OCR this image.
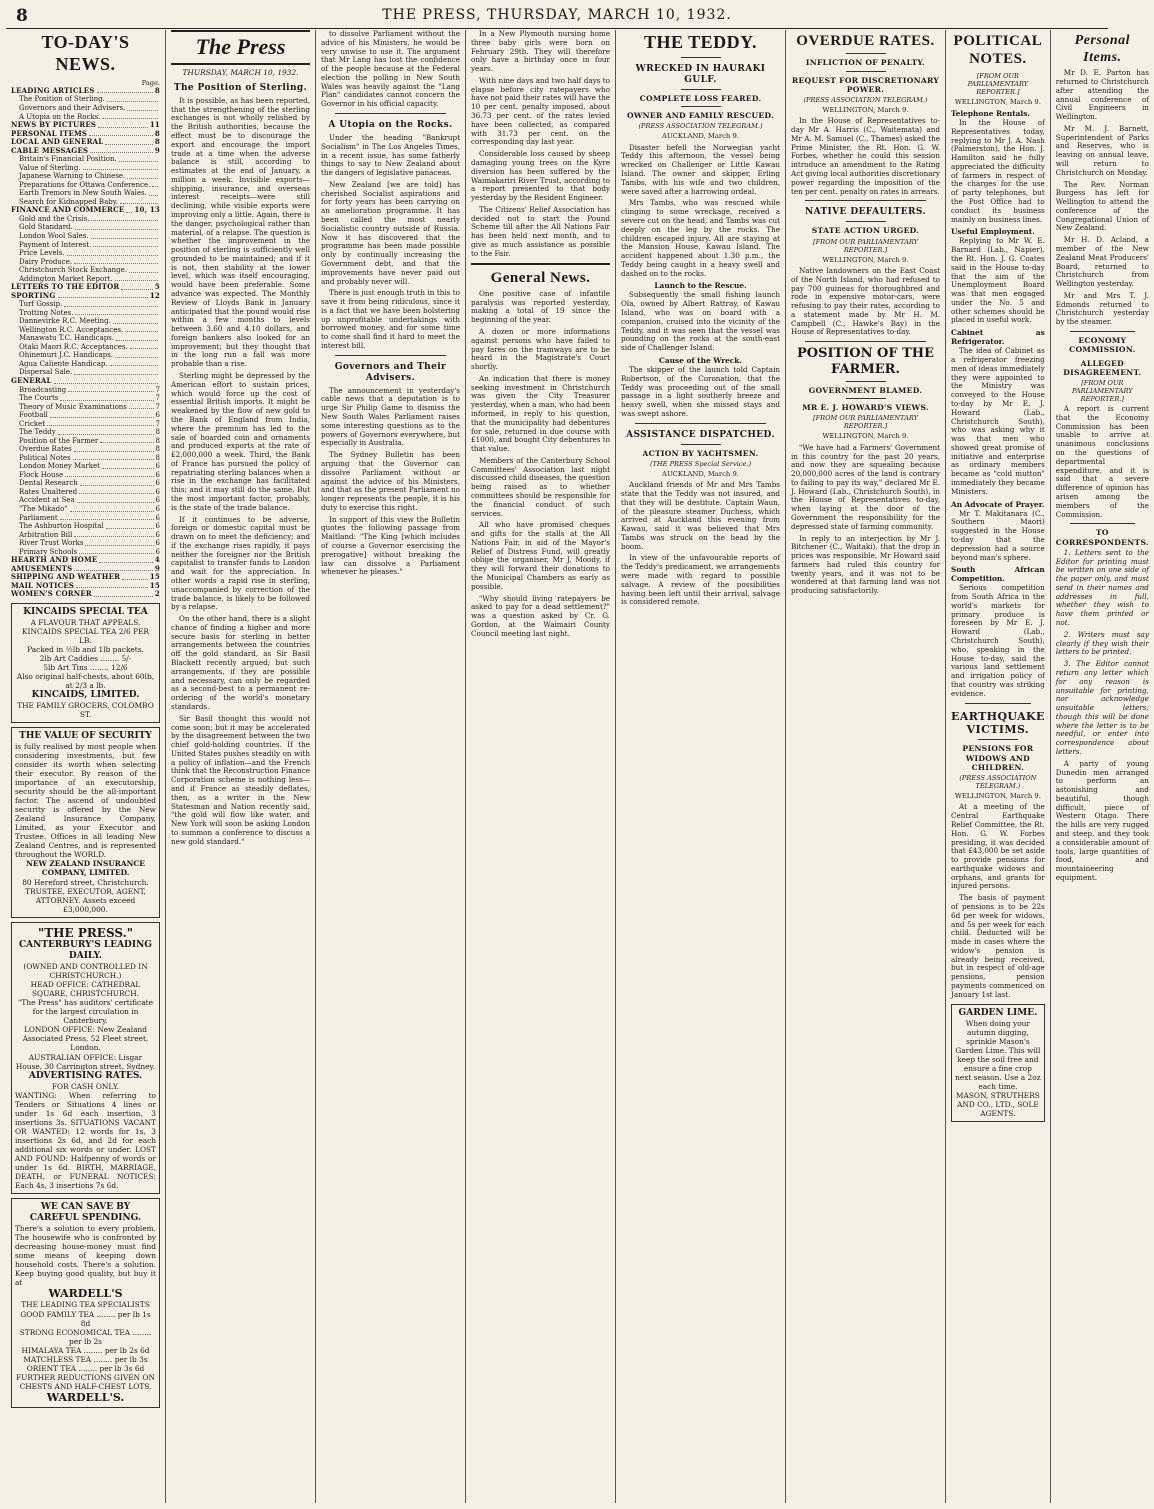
8	THE PRESS, THURSDAY, MARCH 10, 1932.
TO-DAY'S NEWS.
Page.
LEADING ARTICLES	8
The Position of Sterling.
Governors and their Advisers.
A Utopia on the Rocks.
NEWS BY PICTURES	11
PERSONAL ITEMS	8
LOCAL AND GENERAL	8
CABLE MESSAGES	9
Britain's Financial Position.
Value of Sterling.
Japanese Warning to Chinese.
Preparations for Ottawa Conference.
Earth Tremors in New South Wales.
Search for Kidnapped Baby.
FINANCE AND COMMERCE 10, 13
Gold and the Crisis.
Gold Standard.
London Wool Sales.
Payment of Interest.
Price Levels.
Dairy Produce.
Christchurch Stock Exchange.
Addington Market Report.
LETTERS TO THE EDITOR	5
SPORTING	12
Turf Gossip.
Trotting Notes.
Dannevirke R.C. Meeting.
Wellington R.C. Acceptances.
Manawatu T.C. Handicaps.
Otaki Maori R.C. Acceptances.
Ohinemuri J.C. Handicaps.
Agua Caliente Handicap.
Dispersal Sale.
GENERAL
Broadcasting	7
The Courts	7
Theory of Music Examinations	7
Football	6
Cricket	7
The Teddy	8
Position of the Farmer	8
Overdue Rates	8
Political Notes	8
London Money Market	6
Flock House	6
Dental Research	6
Rates Unaltered	6
Accident at Sea	6
"The Mikado"	6
Parliament	6
The Ashburton Hospital	6
Arbitration Bill	6
River Trust Works	6
Primary Schools	6
HEARTH AND HOME	4
AMUSEMENTS	9
SHIPPING AND WEATHER	15
MAIL NOTICES	15
WOMEN'S CORNER	2
KINCAIDS SPECIAL TEA
A FLAVOUR THAT APPEALS.
KINCAIDS SPECIAL TEA 2/6 PER LB.
Packed in ½lb and 1lb packets.
2lb Art Caddies ........ 5/-
5lb Art Tins ........ 12/6
Also original half-chests, about 60lb, at 2/3 a lb.
KINCAIDS, LIMITED.
THE FAMILY GROCERS, COLOMBO ST.
THE VALUE OF SECURITY
is fully realised by most people when considering investments, but few consider its worth when selecting their executor. By reason of the importance of an executorship, security should be the all-important factor. The ascend of undoubted security is offered by the New Zealand Insurance Company, Limited, as your Executor and Trustee. Offices in all leading New Zealand Centres, and is represented throughout the WORLD.
NEW ZEALAND INSURANCE COMPANY, LIMITED.
80 Hereford street, Christchurch.
TRUSTEE, EXECUTOR, AGENT, ATTORNEY. Assets exceed £3,000,000.
"THE PRESS."
CANTERBURY'S LEADING DAILY.
(OWNED AND CONTROLLED IN CHRISTCHURCH.)
HEAD OFFICE: CATHEDRAL SQUARE, CHRISTCHURCH.
"The Press" has auditors' certificate for the largest circulation in Canterbury.
LONDON OFFICE: New Zealand Associated Press, 52 Fleet street, London.
AUSTRALIAN OFFICE: Lisgar House, 30 Carrington street, Sydney.
ADVERTISING RATES.
FOR CASH ONLY.
WANTING: When referring to Tenders or Situations 4 lines or under 1s 6d each insertion, 3 insertions 3s. SITUATIONS VACANT OR WANTED: 12 words for 1s, 3 insertions 2s 6d, and 2d for each additional six words or under. LOST AND FOUND: Halfpenny of words or under 1s 6d. BIRTH, MARRIAGE, DEATH, or FUNERAL NOTICES: Each 4s, 3 insertions 7s 6d.
WE CAN SAVE BY CAREFUL SPENDING.
There's a solution to every problem. The housewife who is confronted by decreasing house-money must find some means of keeping down household costs. There's a solution. Keep buying good quality, but buy it at
WARDELL'S
THE LEADING TEA SPECIALISTS
GOOD FAMILY TEA ........ per lb 1s 8d
STRONG ECONOMICAL TEA ........ per lb 2s
HIMALAYA TEA ........ per lb 2s 6d
MATCHLESS TEA ........ per lb 3s
ORIENT TEA ........ per lb 3s 6d
FURTHER REDUCTIONS GIVEN ON CHESTS AND HALF-CHEST LOTS.
WARDELL'S.
The Press
THURSDAY, MARCH 10, 1932.
The Position of Sterling.

It is possible, as has been reported, that the strengthening of the sterling exchanges is not wholly relished by the British authorities, because the effect must be to discourage the export and encourage the import trade at a time when the adverse balance is still, according to estimates at the end of January, a million a week. Invisible exports—shipping, insurance, and overseas interest receipts—were still declining, while visible exports were improving only a little. Again, there is the danger, psychological rather than material, of a relapse. The question is whether the improvement in the position of sterling is sufficiently well grounded to be maintained; and if it is not, then stability at the lower level, which was itself encouraging, would have been preferable. Some advance was expected. The Monthly Review of Lloyds Bank in January anticipated that the pound would rise within a few months to levels between 3.60 and 4.10 dollars, and foreign bankers also looked for an improvement; but they thought that in the long run a fall was more probable than a rise.

Sterling might be depressed by the American effort to sustain prices, which would force up the cost of essential British imports. It might be weakened by the flow of new gold to the Bank of England from India, where the premium has led to the sale of hoarded coin and ornaments and produced exports at the rate of £2,000,000 a week. Third, the Bank of France has pursued the policy of repatriating sterling balances when a rise in the exchange has facilitated this; and it may still do the same. But the most important factor, probably, is the state of the trade balance.

If it continues to be adverse, foreign or domestic capital must be drawn on to meet the deficiency; and if the exchange rises rapidly, it pays neither the foreigner nor the British capitalist to transfer funds to London and wait for the appreciation. In other words a rapid rise in sterling, unaccompanied by correction of the trade balance, is likely to be followed by a relapse.

On the other hand, there is a slight chance of finding a higher and more secure basis for sterling in better arrangements between the countries off the gold standard, as Sir Basil Blackett recently argued; but such arrangements, if they are possible and necessary, can only be regarded as a second-best to a permanent re-ordering of the world's monetary standards.

Sir Basil thought this would not come soon; but it may be accelerated by the disagreement between the two chief gold-holding countries. If the United States pushes steadily on with a policy of inflation—and the French think that the Reconstruction Finance Corporation scheme is nothing less—and if France as steadily deflates, then, as a writer in the New Statesman and Nation recently said, "the gold will flow like water, and New York will soon be asking London to summon a conference to discuss a new gold standard."

to dissolve Parliament without the advice of his Ministers, he would be very unwise to use it. The argument that Mr Lang has lost the confidence of the people because at the Federal election the polling in New South Wales was heavily against the "Lang Plan" candidates cannot concern the Governor in his official capacity.

A Utopia on the Rocks.

Under the heading "Bankrupt Socialism" in The Los Angeles Times, in a recent issue, has some fatherly things to say to New Zealand about the dangers of legislative panaceas.

New Zealand [we are told] has cherished Socialist aspirations and for forty years has been carrying on an amelioration programme. It has been called the most nearly Socialistic country outside of Russia. Now it has discovered that the programme has been made possible only by continually increasing the Government debt, and that the improvements have never paid out and probably never will.

There is just enough truth in this to save it from being ridiculous, since it is a fact that we have been bolstering up unprofitable undertakings with borrowed money, and for some time to come shall find it hard to meet the interest bill.

Governors and Their Advisers.

The announcement in yesterday's cable news that a deputation is to urge Sir Philip Game to dismiss the New South Wales Parliament raises some interesting questions as to the powers of Governors everywhere, but especially in Australia.

The Sydney Bulletin has been arguing that the Governor can dissolve Parliament without or against the advice of his Ministers, and that as the present Parliament no longer represents the people, it is his duty to exercise this right.

In support of this view the Bulletin quotes the following passage from Maitland: "The King [which includes of course a Governor exercising the prerogative] without breaking the law can dissolve a Parliament whenever he pleases."

In a New Plymouth nursing home three baby girls were born on February 29th. They will therefore only have a birthday once in four years.

With nine days and two half days to elapse before city ratepayers who have not paid their rates will have the 10 per cent. penalty imposed, about 36.73 per cent. of the rates levied have been collected, as compared with 31.73 per cent. on the corresponding day last year.

Considerable loss caused by sheep damaging young trees on the Kyre diversion has been suffered by the Waimakariri River Trust, according to a report presented to that body yesterday by the Resident Engineer.

The Citizens' Relief Association has decided not to start the Pound Scheme till after the All Nations Fair has been held next month, and to give as much assistance as possible to the Fair.

General News.

One positive case of infantile paralysis was reported yesterday, making a total of 19 since the beginning of the year.

A dozen or more informations against persons who have failed to pay fares on the tramways are to be heard in the Magistrate's Court shortly.

An indication that there is money seeking investment in Christchurch was given the City Treasurer yesterday, when a man, who had been informed, in reply to his question, that the municipality had debentures for sale, returned in due course with £1000, and bought City debentures to that value.

Members of the Canterbury School Committees' Association last night discussed child diseases, the question being raised as to whether committees should be responsible for the financial conduct of such services.

All who have promised cheques and gifts for the stalls at the All Nations Fair, in aid of the Mayor's Relief of Distress Fund, will greatly oblige the organiser, Mr J. Moody, if they will forward their donations to the Municipal Chambers as early as possible.

"Why should living ratepayers be asked to pay for a dead settlement?" was a question asked by Cr. G. Gordon, at the Waimairi County Council meeting last night.

THE TEDDY.
WRECKED IN HAURAKI GULF.
COMPLETE LOSS FEARED.
OWNER AND FAMILY RESCUED.
(PRESS ASSOCIATION TELEGRAM.)
AUCKLAND, March 9.

Disaster befell the Norwegian yacht Teddy this afternoon, the vessel being wrecked on Challenger or Little Kawau Island. The owner and skipper, Erling Tambs, with his wife and two children, were saved after a harrowing ordeal.

Mrs Tambs, who was rescued while clinging to some wreckage, received a severe cut on the head, and Tambs was cut deeply on the leg by the rocks. The children escaped injury. All are staying at the Mansion House, Kawau Island. The accident happened about 1.30 p.m., the Teddy being caught in a heavy swell and dashed on to the rocks.

Launch to the Rescue.

Subsequently the small fishing launch Ola, owned by Albert Rattray, of Kawau Island, who was on board with a companion, cruised into the vicinity of the Teddy, and it was seen that the vessel was pounding on the rocks at the south-east side of Challenger Island.

Cause of the Wreck.

The skipper of the launch told Captain Robertson, of the Coronation, that the Teddy was proceeding out of the small passage in a light southerly breeze and heavy swell, when she missed stays and was swept ashore.

ASSISTANCE DISPATCHED.
ACTION BY YACHTSMEN.
(THE PRESS Special Service.)
AUCKLAND, March 9.

Auckland friends of Mr and Mrs Tambs state that the Teddy was not insured, and that they will be destitute. Captain Waun, of the pleasure steamer Duchess, which arrived at Auckland this evening from Kawau, said it was believed that Mrs Tambs was struck on the head by the boom.

In view of the unfavourable reports of the Teddy's predicament, we arrangements were made with regard to possible salvage. A review of the possibilities having been left until their arrival, salvage is considered remote.

OVERDUE RATES.
INFLICTION OF PENALTY.
REQUEST FOR DISCRETIONARY POWER.
(PRESS ASSOCIATION TELEGRAM.)
WELLINGTON, March 9.

In the House of Representatives to-day Mr A. Harris (C., Waitemata) and Mr A. M. Samuel (C., Thames) asked the Prime Minister, the Rt. Hon. G. W. Forbes, whether he could this session introduce an amendment to the Rating Act giving local authorities discretionary power regarding the imposition of the ten per cent. penalty on rates in arrears.

NATIVE DEFAULTERS.
STATE ACTION URGED.
[FROM OUR PARLIAMENTARY REPORTER.]
WELLINGTON, March 9.

Native landowners on the East Coast of the North Island, who had refused to pay 700 guineas for thoroughbred and rode in expensive motor-cars, were refusing to pay their rates, according to a statement made by Mr H. M. Campbell (C., Hawke's Bay) in the House of Representatives to-day.

POSITION OF THE FARMER.
GOVERNMENT BLAMED.
MR E. J. HOWARD'S VIEWS.
[FROM OUR PARLIAMENTARY REPORTER.]
WELLINGTON, March 9.

"We have had a Farmers' Government in this country for the past 20 years, and now they are squealing because 20,000,000 acres of the land is contrary to failing to pay its way," declared Mr E. J. Howard (Lab., Christchurch South), in the House of Representatives to-day, when laying at the door of the Government the responsibility for the depressed state of farming community.

In reply to an interjection by Mr J. Bitchener (C., Waitaki), that the drop in prices was responsible, Mr Howard said farmers had ruled this country for twenty years, and it was not to be wondered at that farming land was not producing satisfactorily.

POLITICAL NOTES.
[FROM OUR PARLIAMENTARY REPORTER.]
WELLINGTON, March 9.
Telephone Rentals.

In the House of Representatives today, replying to Mr J. A. Nash (Palmerston), the Hon. J. Hamilton said he fully appreciated the difficulty of farmers in respect of the charges for the use of party telephones, but the Post Office had to conduct its business mainly on business lines.

Useful Employment.

Replying to Mr W. E. Barnard (Lab., Napier), the Rt. Hon. J. G. Coates said in the House to-day that the aim of the Unemployment Board was that men engaged under the No. 5 and other schemes should be placed in useful work.

Cabinet as Refrigerator.

The idea of Cabinet as a refrigerator freezing men of ideas immediately they were appointed to the Ministry was conveyed to the House to-day by Mr E. J. Howard (Lab., Christchurch South), who was asking why it was that men who showed great promise of initiative and enterprise as ordinary members became as "cold mutton" immediately they became Ministers.

An Advocate of Prayer.

Mr T. Makitanara (C., Southern Maori) suggested in the House to-day that the depression had a source beyond man's sphere.

South African Competition.

Serious competition from South Africa in the world's markets for primary produce is foreseen by Mr E. J. Howard (Lab., Christchurch South), who, speaking in the House to-day, said the various land settlement and irrigation policy of that country was striking evidence.

EARTHQUAKE VICTIMS.
PENSIONS FOR WIDOWS AND CHILDREN.
(PRESS ASSOCIATION TELEGRAM.)
WELLINGTON, March 9.

At a meeting of the Central Earthquake Relief Committee, the Rt. Hon. G. W. Forbes presiding, it was decided that £43,000 be set aside to provide pensions for earthquake widows and orphans, and grants for injured persons.

The basis of payment of pensions is to be 22s 6d per week for widows, and 5s per week for each child. Deducted will be made in cases where the widow's pension is already being received, but in respect of old-age pensions, pension payments commenced on January 1st last.

GARDEN LIME.
When doing your autumn digging, sprinkle Mason's Garden Lime. This will keep the soil free and ensure a fine crop next season. Use a 2oz each time.
MASON, STRUTHERS AND CO., LTD., SOLE AGENTS.
Personal Items.

Mr D. E. Parton has returned to Christchurch after attending the annual conference of Civil Engineers in Wellington.

Mr M. J. Barnett, Superintendent of Parks and Reserves, who is leaving on annual leave, will return to Christchurch on Monday.

The Rev. Norman Burgess has left for Wellington to attend the conference of the Congregational Union of New Zealand.

Mr H. D. Acland, a member of the New Zealand Meat Producers' Board, returned to Christchurch from Wellington yesterday.

Mr and Mrs T. J. Edmonds returned to Christchurch yesterday by the steamer.

ECONOMY COMMISSION.
ALLEGED DISAGREEMENT.
[FROM OUR PARLIAMENTARY REPORTER.]

A report is current that the Economy Commission has been unable to arrive at unanimous conclusions on the questions of departmental expenditure, and it is said that a severe difference of opinion has arisen among the members of the Commission.

TO CORRESPONDENTS.

1. Letters sent to the Editor for printing must be written on one side of the paper only, and must send in their names and addresses in full, whether they wish to have them printed or not.

2. Writers must say clearly if they wish their letters to be printed.

3. The Editor cannot return any letter which for any reason is unsuitable for printing, nor acknowledge unsuitable letters; though this will be done where the letter is to be needful, or enter into correspondence about letters.

A party of young Dunedin men arranged to perform an astonishing and beautiful, though difficult, piece of Western Otago. There the hills are very rugged and steep, and they took a considerable amount of tools, large quantities of food, and mountaineering equipment.
